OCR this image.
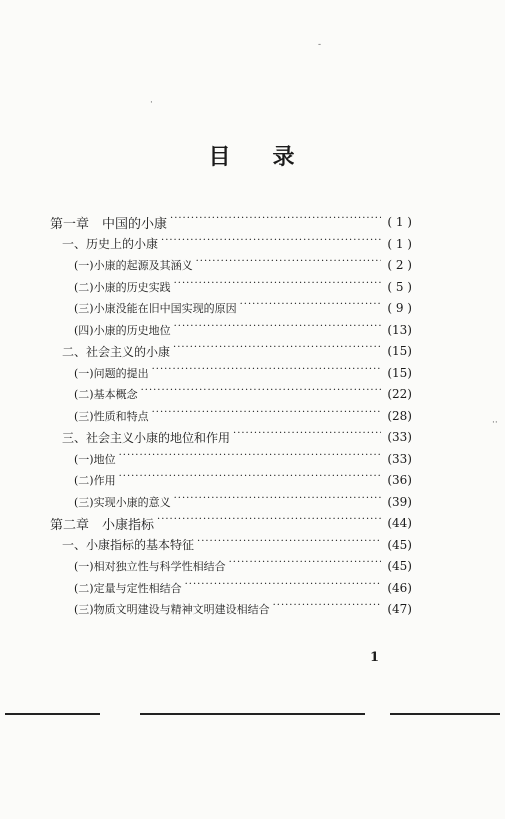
目 录
第一章　中国的小康 ·····	( 1 )
一、历史上的小康 ·····	( 1 )
(一)小康的起源及其涵义 ·····	( 2 )
(二)小康的历史实践 ·····	( 5 )
(三)小康没能在旧中国实现的原因 ·····	( 9 )
(四)小康的历史地位 ·····	(13)
二、社会主义的小康 ·····	(15)
(一)问题的提出 ·····	(15)
(二)基本概念 ·····	(22)
(三)性质和特点 ·····	(28)
三、社会主义小康的地位和作用 ·····	(33)
(一)地位 ·····	(33)
(二)作用 ·····	(36)
(三)实现小康的意义 ·····	(39)
第二章　小康指标 ·····	(44)
一、小康指标的基本特征 ·····	(45)
(一)相对独立性与科学性相结合 ·····	(45)
(二)定量与定性相结合 ·····	(46)
(三)物质文明建设与精神文明建设相结合 ·····	(47)
1
-
·
··
